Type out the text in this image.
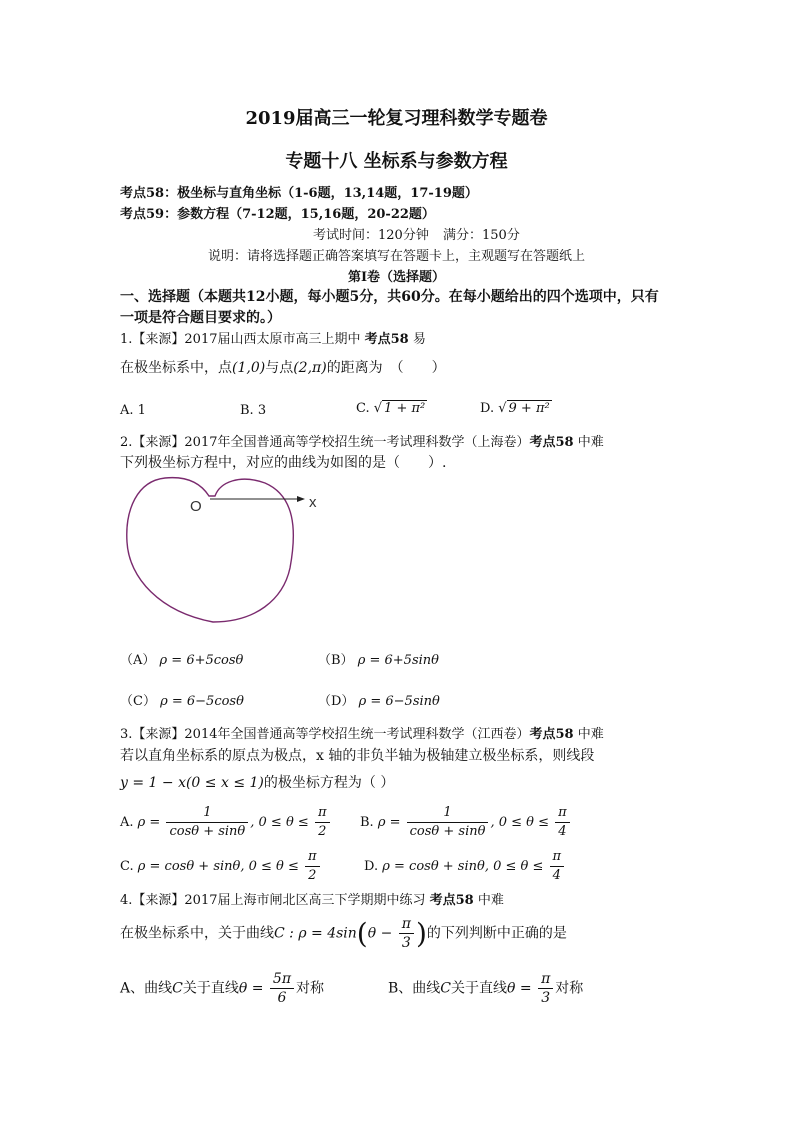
2019届高三一轮复习理科数学专题卷
专题十八 坐标系与参数方程
考点58：极坐标与直角坐标（1-6题，13,14题，17-19题）
考点59：参数方程（7-12题，15,16题，20-22题）
考试时间：120分钟 满分：150分
说明：请将选择题正确答案填写在答题卡上，主观题写在答题纸上
第I卷（选择题）
一、选择题（本题共12小题，每小题5分，共60分。在每小题给出的四个选项中，只有
一项是符合题目要求的。）
1.【来源】2017届山西太原市高三上期中 考点58 易
在极坐标系中，点(1,0)与点(2,π)的距离为　（　　）
A. 1	B. 3	C. √ 1 + π²	D. √ 9 + π²
2.【来源】2017年全国普通高等学校招生统一考试理科数学（上海卷）考点58 中难
下列极坐标方程中，对应的曲线为如图的是（　　）.
O	x
（A） ρ = 6+5cosθ	（B） ρ = 6+5sinθ
（C） ρ = 6−5cosθ	（D） ρ = 6−5sinθ
3.【来源】2014年全国普通高等学校招生统一考试理科数学（江西卷）考点58 中难
若以直角坐标系的原点为极点，x 轴的非负半轴为极轴建立极坐标系，则线段
y = 1 − x(0 ≤ x ≤ 1)的极坐标方程为（ ）
A. $\rho = \frac{1}{\cos\theta + \sin\theta}$ , $0 \le \theta \le \frac{\pi}{2} B$. $\rho = \frac{1}{\cos\theta + \sin\theta}$ , $0 \le \theta \le \frac{\pi}{4}$
C. ρ = cosθ + sinθ, $0 \le \theta \le \frac{\pi}{2}$	D. ρ = cosθ + sinθ, $0 \le \theta \le \frac{\pi}{4}$
4.【来源】2017届上海市闸北区高三下学期期中练习 考点58 中难
在极坐标系中，关于曲线C : $\rho = 4\sin(\theta - \frac{\pi}{3}$ )的下列判断中正确的是
A、曲线C关于直线$\theta = \frac{5\pi}{6}$ 对称	B、曲线C关于直线$\theta = \frac{\pi}{3}$ 对称
